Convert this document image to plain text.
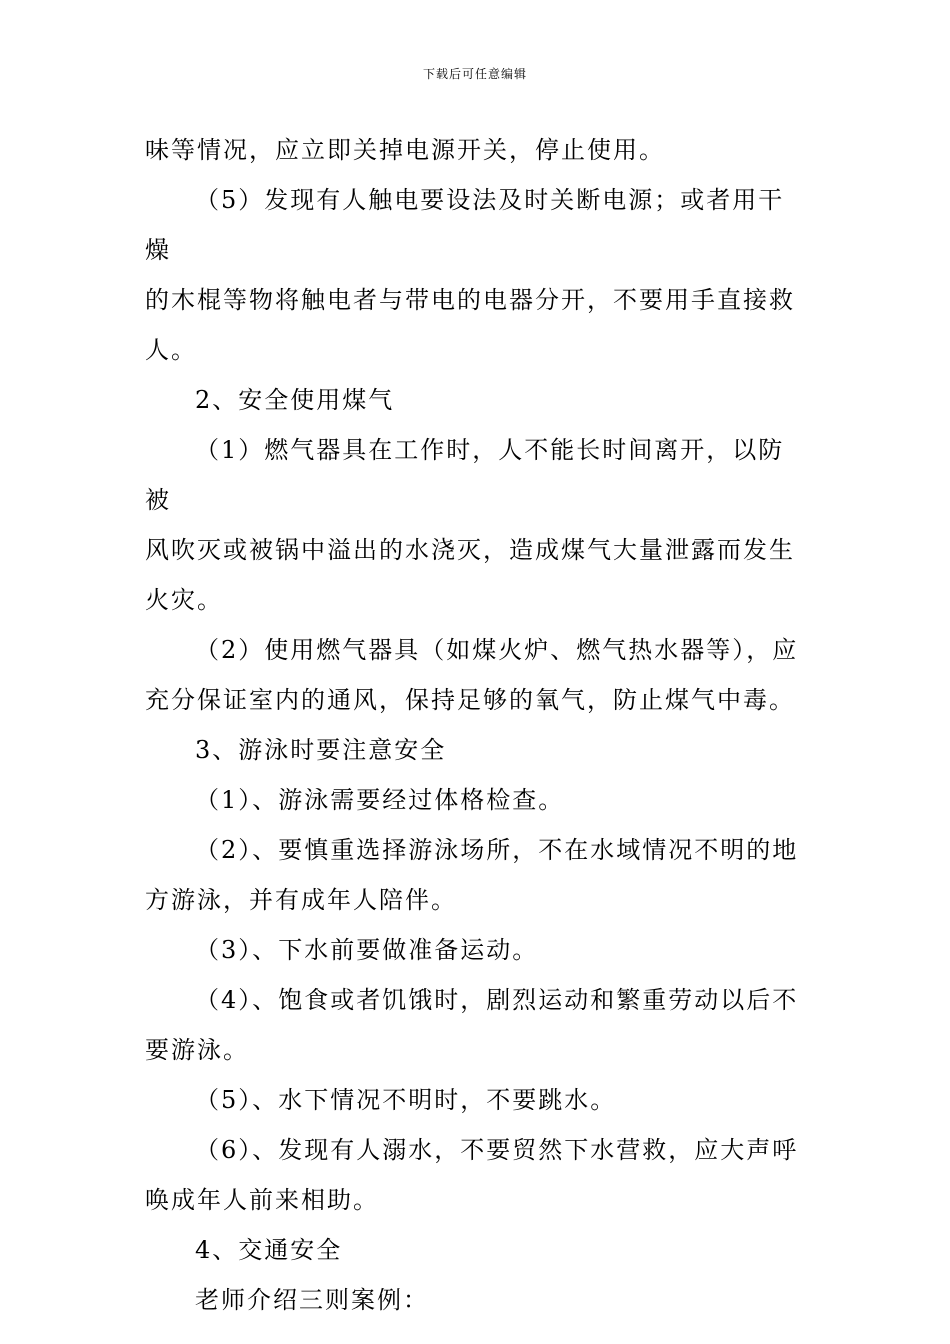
下载后可任意编辑

味等情况，应立即关掉电源开关，停止使用。

（5）发现有人触电要设法及时关断电源；或者用干燥

的木棍等物将触电者与带电的电器分开，不要用手直接救

人。

2、安全使用煤气

（1）燃气器具在工作时，人不能长时间离开，以防被

风吹灭或被锅中溢出的水浇灭，造成煤气大量泄露而发生

火灾。

（2）使用燃气器具（如煤火炉、燃气热水器等），应

充分保证室内的通风，保持足够的氧气，防止煤气中毒。

3、游泳时要注意安全

（1）、游泳需要经过体格检查。

（2）、要慎重选择游泳场所，不在水域情况不明的地

方游泳，并有成年人陪伴。

（3）、下水前要做准备运动。

（4）、饱食或者饥饿时，剧烈运动和繁重劳动以后不

要游泳。

（5）、水下情况不明时，不要跳水。

（6）、发现有人溺水，不要贸然下水营救，应大声呼

唤成年人前来相助。

4、交通安全

老师介绍三则案例：
